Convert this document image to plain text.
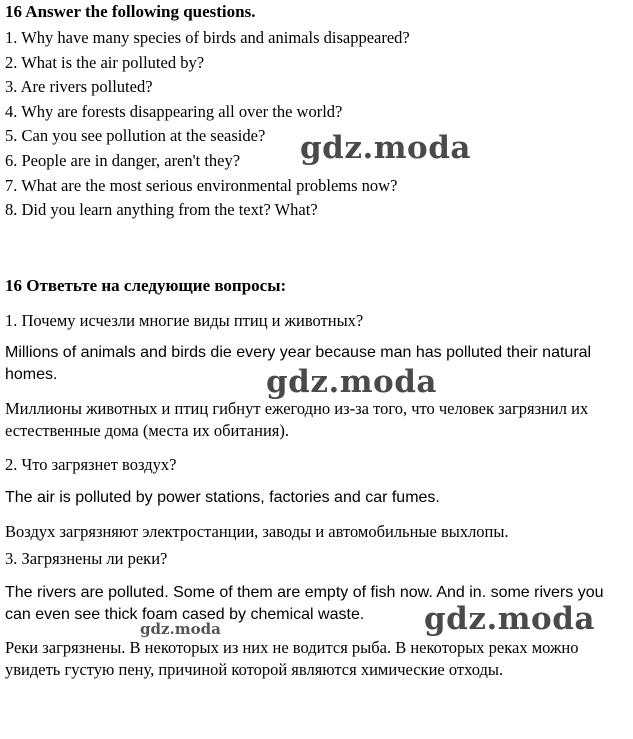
16 Answer the following questions.
1. Why have many species of birds and animals disappeared?
2. What is the air polluted by?
3. Are rivers polluted?
4. Why are forests disappearing all over the world?
5. Can you see pollution at the seaside?
6. People are in danger, aren't they?
7. What are the most serious environmental problems now?
8. Did you learn anything from the text? What?
16 Ответьте на следующие вопросы:
1. Почему исчезли многие виды птиц и животных?
Millions of animals and birds die every year because man has polluted their natural homes.
Миллионы животных и птиц гибнут ежегодно из-за того, что человек загрязнил их естественные дома (места их обитания).
2. Что загрязнет воздух?
The air is polluted by power stations, factories and car fumes.
Воздух загрязняют электростанции, заводы и автомобильные выхлопы.
3. Загрязнены ли реки?
The rivers are polluted. Some of them are empty of fish now. And in. some rivers you can even see thick foam cased by chemical waste.
Реки загрязнены. В некоторых из них не водится рыба. В некоторых реках можно увидеть густую пену, причиной которой являются химические отходы.
gdz.moda
gdz.moda
gdz.moda
gdz.moda
